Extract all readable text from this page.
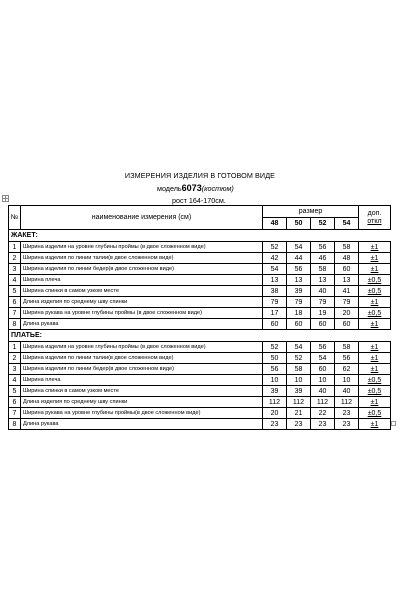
ИЗМЕРЕНИЯ ИЗДЕЛИЯ В ГОТОВОМ ВИДЕ
модель6073(костюм)
рост 164-170см.
№	наименование измерения (см)	размер				доп.
откл

		48	50	52	54	
ЖАКЕТ:						
1	Ширина изделия на уровне глубины проймы (в двое сложенном виде)	52	54	56	58	±1
2	Ширина изделия по линии талии(в двое сложенном виде)	42	44	46	48	±1
3	Ширина изделия по линии бедер(в двое сложенном виде)	54	56	58	60	±1
4	Ширина плеча	13	13	13	13	±0,5
5	Ширина спинки в самом узком месте	38	39	40	41	±0,5
6	Длина изделия по среднему шву спинки	79	79	79	79	±1
7	Ширина рукава на уровне глубины проймы (в двое сложенном виде)	17	18	19	20	±0,5
8	Длина рукава	60	60	60	60	±1
ПЛАТЬЕ:						
1	Ширина изделия на уровне глубины проймы (в двое сложенном виде)	52	54	56	58	±1
2	Ширина изделия по линии талии(в двое сложенном виде)	50	52	54	56	±1
3	Ширина изделия по линии бедер(в двое сложенном виде)	56	58	60	62	±1
4	Ширина плеча	10	10	10	10	±0,5
5	Ширина спинки в самом узком месте	39	39	40	40	±0,5
6	Длина изделия по среднему шву спинки	112	112	112	112	±1
7	Ширина рукава на уровне глубины проймы(в двое сложенном виде)	20	21	22	23	±0,5
8	Длина рукава	23	23	23	23	±1
